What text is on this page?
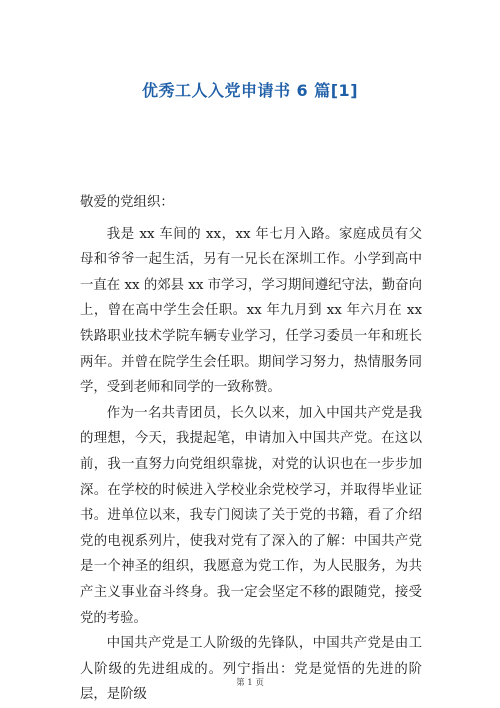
优秀工人入党申请书 6 篇[1]

敬爱的党组织：

我是 xx 车间的 xx，xx 年七月入路。家庭成员有父母和爷爷一起生活，另有一兄长在深圳工作。小学到高中一直在 xx 的郊县 xx 市学习，学习期间遵纪守法，勤奋向上，曾在高中学生会任职。xx 年九月到 xx 年六月在 xx 铁路职业技术学院车辆专业学习，任学习委员一年和班长两年。并曾在院学生会任职。期间学习努力，热情服务同学，受到老师和同学的一致称赞。

作为一名共青团员，长久以来，加入中国共产党是我的理想，今天，我提起笔，申请加入中国共产党。在这以前，我一直努力向党组织靠拢，对党的认识也在一步步加深。在学校的时候进入学校业余党校学习，并取得毕业证书。进单位以来，我专门阅读了关于党的书籍，看了介绍党的电视系列片，使我对党有了深入的了解：中国共产党是一个神圣的组织，我愿意为党工作，为人民服务，为共产主义事业奋斗终身。我一定会坚定不移的跟随党，接受党的考验。

中国共产党是工人阶级的先锋队，中国共产党是由工人阶级的先进组成的。列宁指出：党是觉悟的先进的阶层，是阶级

第 1 页
